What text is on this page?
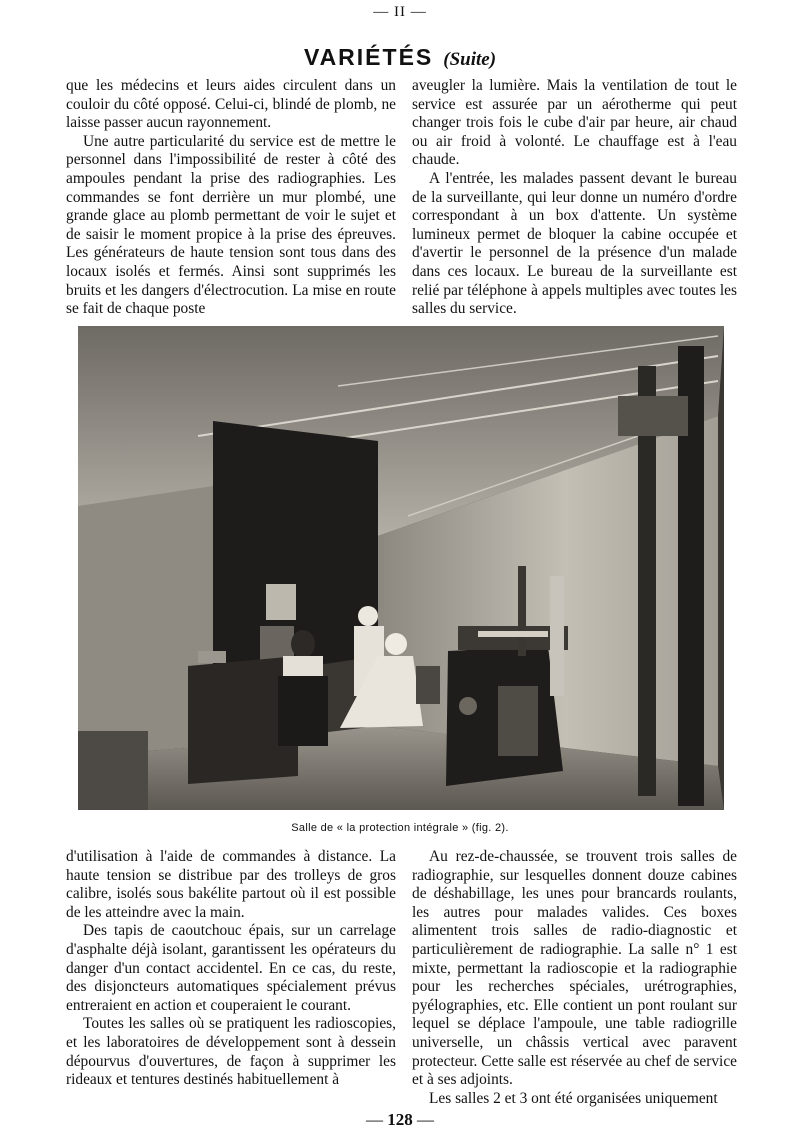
— II —
VARIÉTÉS (Suite)

que les médecins et leurs aides circulent dans un couloir du côté opposé. Celui-ci, blindé de plomb, ne laisse passer aucun rayonnement.

Une autre particularité du service est de mettre le personnel dans l'impossibilité de rester à côté des ampoules pendant la prise des radiographies. Les commandes se font derrière un mur plombé, une grande glace au plomb permettant de voir le sujet et de saisir le moment propice à la prise des épreuves. Les générateurs de haute tension sont tous dans des locaux isolés et fermés. Ainsi sont supprimés les bruits et les dangers d'électrocution. La mise en route se fait de chaque poste

aveugler la lumière. Mais la ventilation de tout le service est assurée par un aérotherme qui peut changer trois fois le cube d'air par heure, air chaud ou air froid à volonté. Le chauffage est à l'eau chaude.

A l'entrée, les malades passent devant le bureau de la surveillante, qui leur donne un numéro d'ordre correspondant à un box d'attente. Un système lumineux permet de bloquer la cabine occupée et d'avertir le personnel de la présence d'un malade dans ces locaux. Le bureau de la surveillante est relié par téléphone à appels multiples avec toutes les salles du service.

Salle de « la protection intégrale » (fig. 2).

d'utilisation à l'aide de commandes à distance. La haute tension se distribue par des trolleys de gros calibre, isolés sous bakélite partout où il est possible de les atteindre avec la main.

Des tapis de caoutchouc épais, sur un carrelage d'asphalte déjà isolant, garantissent les opérateurs du danger d'un contact accidentel. En ce cas, du reste, des disjoncteurs automatiques spécialement prévus entreraient en action et couperaient le courant.

Toutes les salles où se pratiquent les radioscopies, et les laboratoires de développement sont à dessein dépourvus d'ouvertures, de façon à supprimer les rideaux et tentures destinés habituellement à

Au rez-de-chaussée, se trouvent trois salles de radiographie, sur lesquelles donnent douze cabines de déshabillage, les unes pour brancards roulants, les autres pour malades valides. Ces boxes alimentent trois salles de radio-diagnostic et particulièrement de radiographie. La salle n° 1 est mixte, permettant la radioscopie et la radiographie pour les recherches spéciales, urétrographies, pyélographies, etc. Elle contient un pont roulant sur lequel se déplace l'ampoule, une table radiogrille universelle, un châssis vertical avec paravent protecteur. Cette salle est réservée au chef de service et à ses adjoints.

Les salles 2 et 3 ont été organisées uniquement

— 128 —
